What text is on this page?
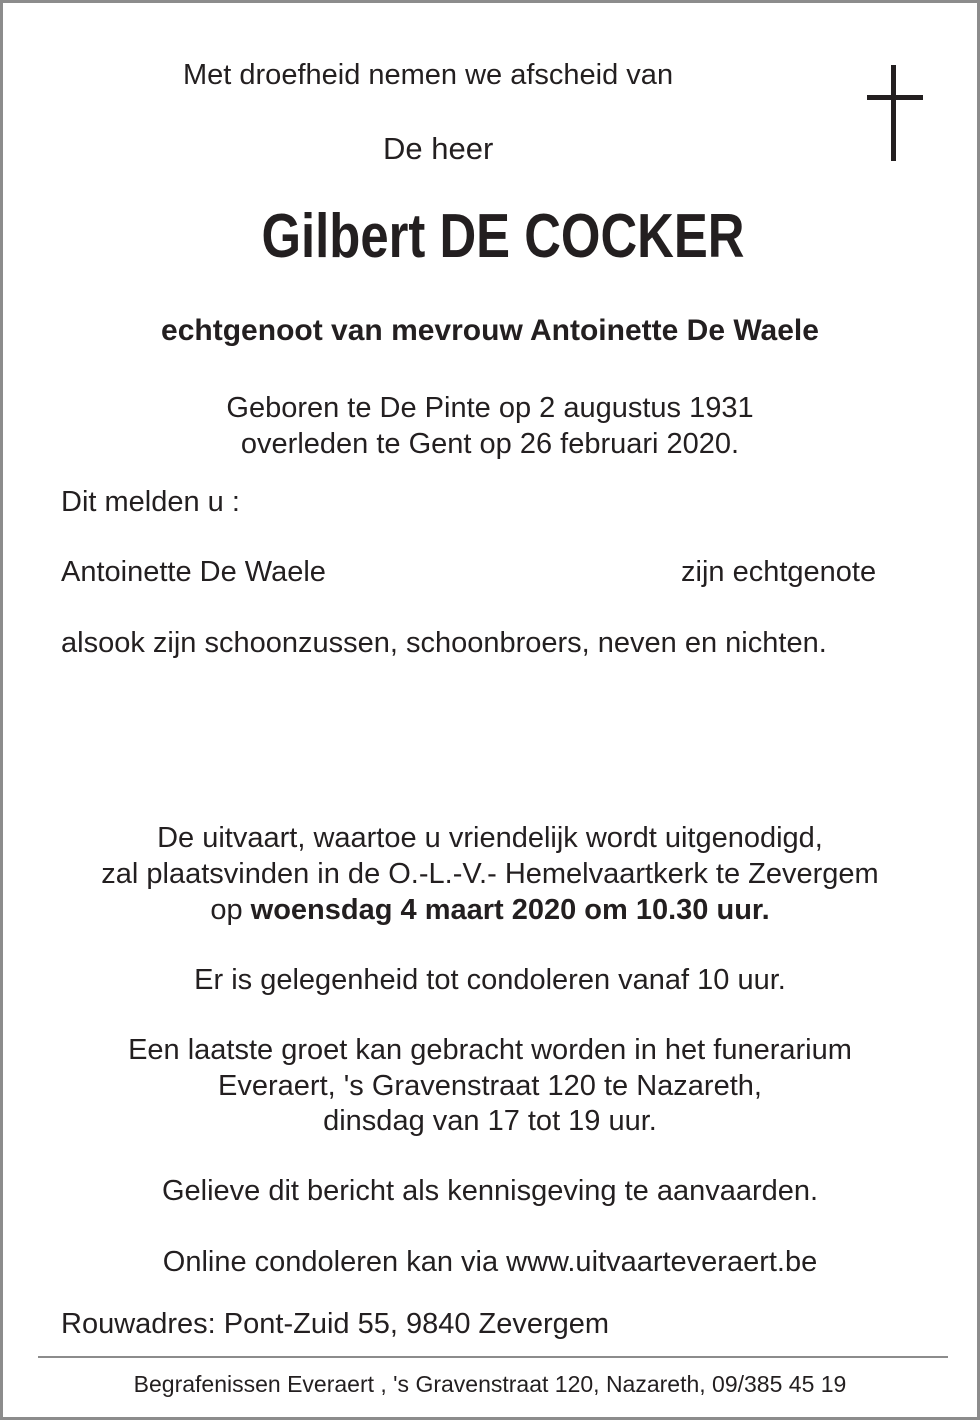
Met droefheid nemen we afscheid van
De heer
Gilbert DE COCKER
echtgenoot van mevrouw Antoinette De Waele
Geboren te De Pinte op 2 augustus 1931
overleden te Gent op 26 februari 2020.
Dit melden u :
Antoinette De Waele	zijn echtgenote
alsook zijn schoonzussen, schoonbroers, neven en nichten.
De uitvaart, waartoe u vriendelijk wordt uitgenodigd,
zal plaatsvinden in de O.-L.-V.- Hemelvaartkerk te Zevergem
op woensdag 4 maart 2020 om 10.30 uur.
Er is gelegenheid tot condoleren vanaf 10 uur.
Een laatste groet kan gebracht worden in het funerarium
Everaert, 's Gravenstraat 120 te Nazareth,
dinsdag van 17 tot 19 uur.
Gelieve dit bericht als kennisgeving te aanvaarden.
Online condoleren kan via www.uitvaarteveraert.be
Rouwadres: Pont-Zuid 55, 9840 Zevergem
Begrafenissen Everaert , 's Gravenstraat 120, Nazareth, 09/385 45 19
